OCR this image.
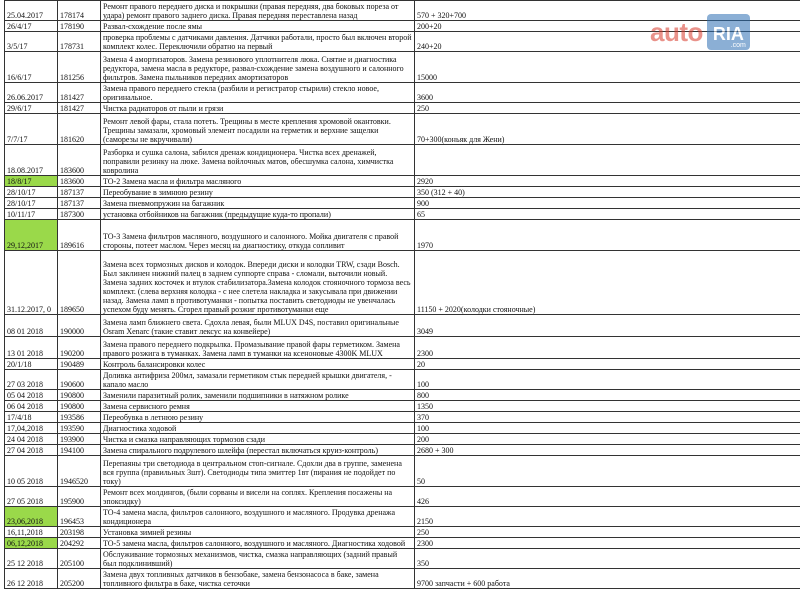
25.04.2017	178174	Ремонт правого переднего диска и покрышки (правая передняя, два боковых пореза от удара) ремонт правого заднего диска. Правая передняя переставлена назад	570 + 320+700
26/4/17	178190	Развал-схождение после ямы	200+20
3/5/17	178731	проверка проблемы с датчиками давления. Датчики работали, просто был включен второй комплект колес. Переключили обратно на первый	240+20
16/6/17	181256	Замена 4 амортизаторов. Замена резинового уплотнителя люка. Снятие и диагностика редуктора, замена масла в редукторе, развал-схождение замена воздушного и салонного фильтров. Замена пыльников передних амортизаторов	15000
26.06.2017	181427	Замена правого переднего стекла (разбили и регистратор стырили) стекло новое, оригинальное.	3600
29/6/17	181427	Чистка радиаторов от пыли и грязи	250
7/7/17	181620	Ремонт левой фары, стала потеть. Трещины в месте крепления хромовой окантовки. Трещины замазали, хромовый элемент посадили на герметик и верхние защелки (саморезы не вкручивали)	70+300(коньяк для Жени)
18.08.2017	183600	Разборка и сушка салона, забился дренаж кондиционера. Чистка всех дренажей, поправили резинку на люке. Замена войлочных матов, обесшумка салона, химчистка ковролина	
18/8/17	183600	ТО-2 Замена масла и фильтра масляного	2920
28/10/17	187137	Переобувание в зимнюю резину	350 (312 + 40)
28/10/17	187137	Замена пневмопружин на багажник	900
10/11/17	187300	установка отбойников на багажник (предыдущие куда-то пропали)	65
29,12,2017	189616	ТО-3 Замена фильтров масляного, воздушного и салонного. Мойка двигателя с правой стороны, потеет маслом. Через месяц на диагностику, откуда сопливит	1970
31.12.2017, 0	189650	Замена всех тормозных дисков и колодок. Впереди диски и колодки TRW, сзади Bosch. Был заклинен нижний палец в заднем суппорте справа - сломали, выточили новый. Замена задних косточек и втулок стабилизатора.Замена колодок стояночного тормоза весь комплект. (слева верхняя колодка - с нее слетела накладка и закусывала при движении назад. Замена ламп в противотуманки - попытка поставить светодиоды не увенчалась успехом буду менять. Сгорел правый розжиг противотуманки еще	11150 + 2020(колодки стояночные)
08 01 2018	190000	Замена ламп ближнего света. Сдохла левая, были MLUX D4S, поставил оригинальные Osram Xenarc (такие ставит лексус на конвейере)	3049
13 01 2018	190200	Замена правого переднего подкрылка. Промазывание правой фары герметиком. Замена правого розжига в туманках. Замена ламп в туманки на ксеноновые 4300K MLUX	2300
20/1/18	190489	Контроль балансировки колес	20
27 03 2018	190600	Доливка антифриза 200мл, замазали герметиком стык передней крышки двигателя, - капало масло	100
05 04 2018	190800	Заменили паразитный ролик, заменили подшипники в натяжном ролике	800
06 04 2018	190800	Замена сервисного ремня	1350
17/4/18	193586	Переобувка в летнюю резину	370
17,04,2018	193590	Диагностика ходовой	100
24 04 2018	193900	Чистка и смазка направляющих тормозов сзади	200
27 04 2018	194100	Замена спирального подрулевого шлейфа (перестал включаться круиз-контроль)	2680 + 300
10 05 2018	1946520	Перепаяны три светодиода в центральном стоп-сигнале. Сдохли два в группе, заменена вся группа (правильных 3шт). Светодиоды типа эмиттер 1вт (пирания не подойдет по току)	50
27 05 2018	195900	Ремонт всех молдингов, (были сорваны и висели на соплях. Крепления посажены на эпоксидку)	426
23,06,2018	196453	ТО-4 замена масла, фильтров салонного, воздушного и масляного. Продувка дренажа кондиционера	2150
16,11,2018	203198	Установка зимней резины	250
06,12,2018	204292	ТО-5 замена масла, фильтров салонного, воздушного и масляного. Диагностика ходовой	2300
25 12 2018	205100	Обслуживание тормозных механизмов, чистка, смазка направляющих (задний правый был подклинивший)	350
26 12 2018	205200	Замена двух топливных датчиков в бензобаке, замена бензонасоса в баке, замена топливного фильтра в баке, чистка сеточки	9700 запчасти + 600 работа
auto RIA
.com
